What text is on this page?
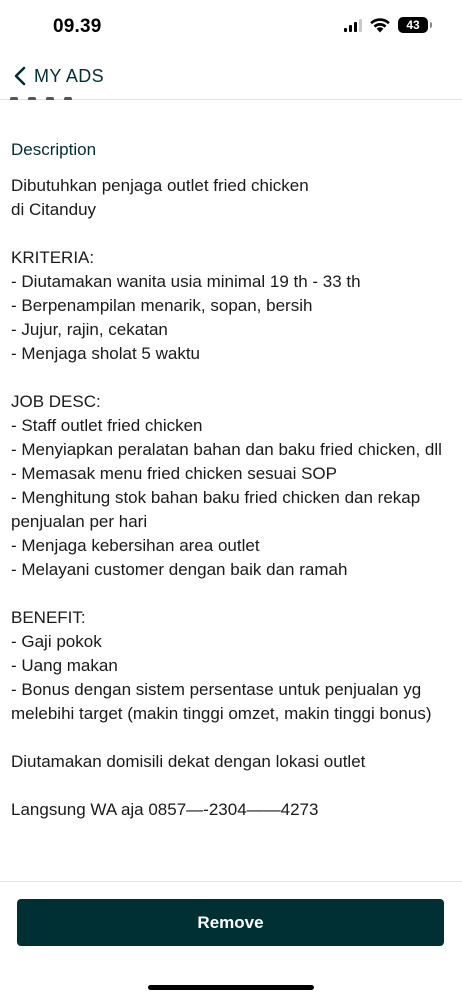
09.39	43
MY ADS
Description
Dibutuhkan penjaga outlet fried chicken
di Citanduy

KRITERIA:
- Diutamakan wanita usia minimal 19 th - 33 th
- Berpenampilan menarik, sopan, bersih
- Jujur, rajin, cekatan
- Menjaga sholat 5 waktu

JOB DESC:
- Staff outlet fried chicken
- Menyiapkan peralatan bahan dan baku fried chicken, dll
- Memasak menu fried chicken sesuai SOP
- Menghitung stok bahan baku fried chicken dan rekap penjualan per hari
- Menjaga kebersihan area outlet
- Melayani customer dengan baik dan ramah

BENEFIT:
- Gaji pokok
- Uang makan
- Bonus dengan sistem persentase untuk penjualan yg melebihi target (makin tinggi omzet, makin tinggi bonus)

Diutamakan domisili dekat dengan lokasi outlet

Langsung WA aja 0857—-2304——4273
Remove
